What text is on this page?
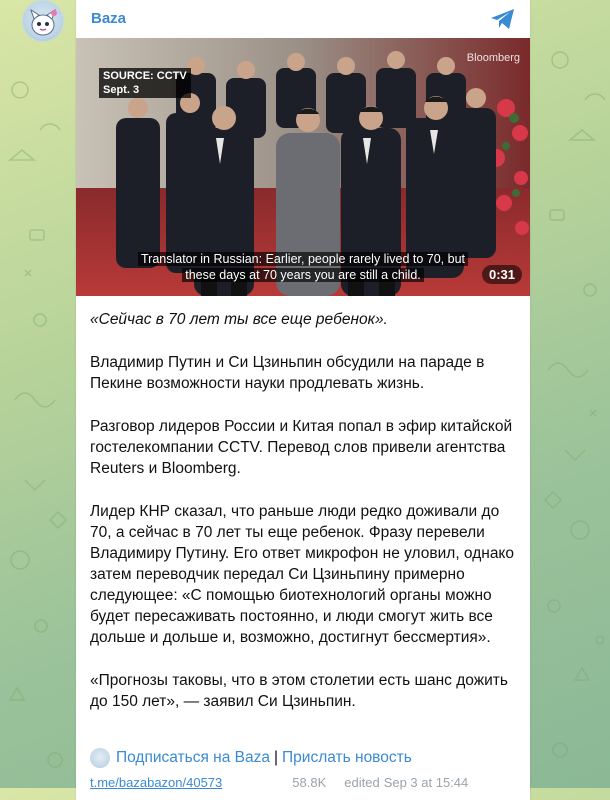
Baza
SOURCE: CCTV
Sept. 3
Bloomberg
Translator in Russian: Earlier, people rarely lived to 70, but these days at 70 years you are still a child.	0:31

«Сейчас в 70 лет ты все еще ребенок».

Владимир Путин и Си Цзиньпин обсудили на параде в Пекине возможности науки продлевать жизнь.

Разговор лидеров России и Китая попал в эфир китайской гостелекомпании CCTV. Перевод слов привели агентства Reuters и Bloomberg.

Лидер КНР сказал, что раньше люди редко доживали до 70, а сейчас в 70 лет ты еще ребенок. Фразу перевели Владимиру Путину. Его ответ микрофон не уловил, однако затем переводчик передал Си Цзиньпину примерно следующее: «С помощью биотехнологий органы можно будет пересаживать постоянно, и люди смогут жить все дольше и дольше и, возможно, достигнут бессмертия».

«Прогнозы таковы, что в этом столетии есть шанс дожить до 150 лет», — заявил Си Цзиньпин.

Подписаться на Baza | Прислать новость
t.me/bazabazon/40573	58.8K edited Sep 3 at 15:44
